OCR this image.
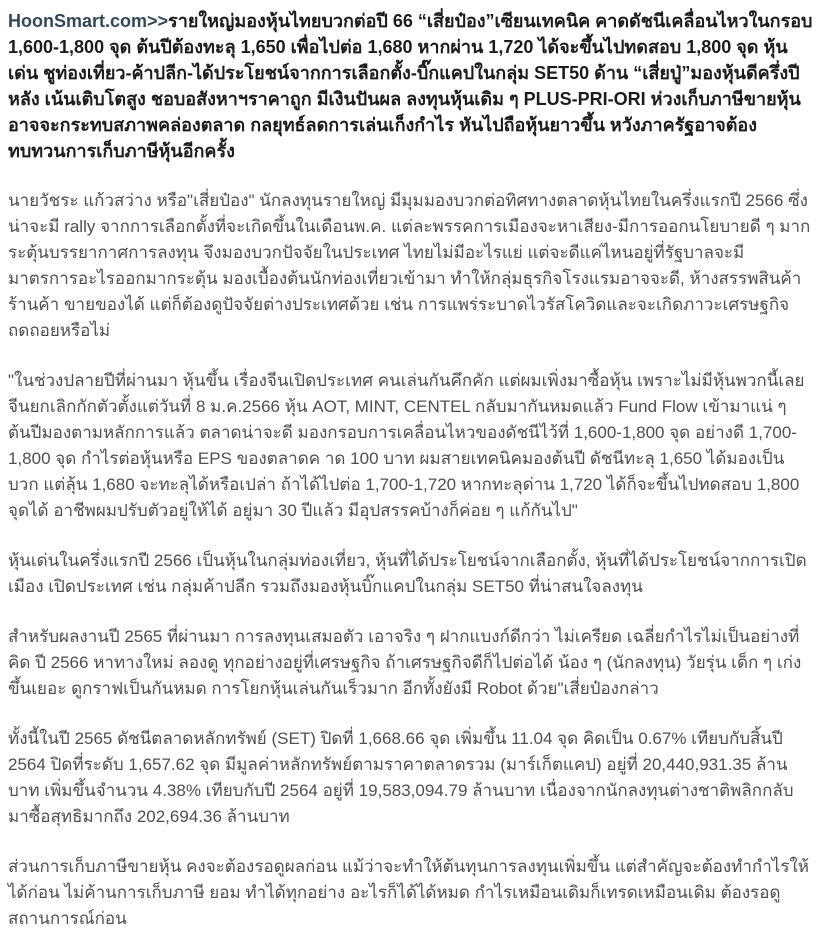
HoonSmart.com>>รายใหญ่มองหุ้นไทยบวกต่อปี 66 “เสี่ยป๋อง”เซียนเทคนิค คาดดัชนีเคลื่อนไหวในกรอบ 1,600-1,800 จุด ต้นปีต้องทะลุ 1,650 เพื่อไปต่อ 1,680 หากผ่าน 1,720 ได้จะขึ้นไปทดสอบ 1,800 จุด หุ้นเด่น ชูท่องเที่ยว-ค้าปลีก-ได้ประโยชน์จากการเลือกตั้ง-บิ๊กแคปในกลุ่ม SET50 ด้าน “เสี่ยปู่”มองหุ้นดีครึ่งปีหลัง เน้นเติบโตสูง ชอบอสังหาฯราคาถูก มีเงินปันผล ลงทุนหุ้นเดิม ๆ PLUS-PRI-ORI ห่วงเก็บภาษีขายหุ้น อาจจะกระทบสภาพคล่องตลาด กลยุทธ์ลดการเล่นเก็งกำไร หันไปถือหุ้นยาวขึ้น หวังภาครัฐอาจต้องทบทวนการเก็บภาษีหุ้นอีกครั้ง

นายวัชระ แก้วสว่าง หรือ"เสี่ยป๋อง" นักลงทุนรายใหญ่ มีมุมมองบวกต่อทิศทางตลาดหุ้นไทยในครึ่งแรกปี 2566 ซึ่งน่าจะมี rally จากการเลือกตั้งที่จะเกิดขึ้นในเดือนพ.ค. แต่ละพรรคการเมืองจะหาเสียง-มีการออกนโยบายดี ๆ มากระตุ้นบรรยากาศการลงทุน จึงมองบวกปัจจัยในประเทศ ไทยไม่มีอะไรแย่ แต่จะดีแค่ไหนอยู่ที่รัฐบาลจะมีมาตรการอะไรออกมากระตุ้น มองเบื้องต้นนักท่องเที่ยวเข้ามา ทำให้กลุ่มธุรกิจโรงแรมอาจจะดี, ห้างสรรพสินค้า ร้านค้า ขายของได้ แต่ก็ต้องดูปัจจัยต่างประเทศด้วย เช่น การแพร่ระบาดไวรัสโควิดและจะเกิดภาวะเศรษฐกิจถดถอยหรือไม่

"ในช่วงปลายปีที่ผ่านมา หุ้นขึ้น เรื่องจีนเปิดประเทศ คนเล่นกันคึกคัก แต่ผมเพิ่งมาซื้อหุ้น เพราะไม่มีหุ้นพวกนี้เลย จีนยกเลิกกักตัวตั้งแต่วันที่ 8 ม.ค.2566 หุ้น AOT, MINT, CENTEL กลับมากันหมดแล้ว Fund Flow เข้ามาแน่ ๆ ต้นปีมองตามหลักการแล้ว ตลาดน่าจะดี มองกรอบการเคลื่อนไหวของดัชนีไว้ที่ 1,600-1,800 จุด อย่างดี 1,700-1,800 จุด กำไรต่อหุ้นหรือ EPS ของตลาดค าด 100 บาท ผมสายเทคนิคมองต้นปี ดัชนีทะลุ 1,650 ได้มองเป็นบวก แต่ลุ้น 1,680 จะทะลุได้หรือเปล่า ถ้าได้ไปต่อ 1,700-1,720 หากทะลุด่าน 1,720 ได้ก็จะขึ้นไปทดสอบ 1,800 จุดได้ อาชีพผมปรับตัวอยู่ให้ได้ อยู่มา 30 ปีแล้ว มีอุปสรรคบ้างก็ค่อย ๆ แก้กันไป"

หุ้นเด่นในครึ่งแรกปี 2566 เป็นหุ้นในกลุ่มท่องเที่ยว, หุ้นที่ได้ประโยชน์จากเลือกตั้ง, หุ้นที่ได้ประโยชน์จากการเปิดเมือง เปิดประเทศ เช่น กลุ่มค้าปลีก รวมถึงมองหุ้นบิ๊กแคปในกลุ่ม SET50 ที่น่าสนใจลงทุน

สำหรับผลงานปี 2565 ที่ผ่านมา การลงทุนเสมอตัว เอาจริง ๆ ฝากแบงก์ดีกว่า ไม่เครียด เฉลี่ยกำไรไม่เป็นอย่างที่คิด ปี 2566 หาทางใหม่ ลองดู ทุกอย่างอยู่ที่เศรษฐกิจ ถ้าเศรษฐกิจดีก็ไปต่อได้ น้อง ๆ (นักลงทุน) วัยรุ่น เด็ก ๆ เก่งขึ้นเยอะ ดูกราฟเป็นกันหมด การโยกหุ้นเล่นกันเร็วมาก อีกทั้งยังมี Robot ด้วย"เสี่ยป๋องกล่าว

ทั้งนี้ในปี 2565 ดัชนีตลาดหลักทรัพย์ (SET) ปิดที่ 1,668.66 จุด เพิ่มขึ้น 11.04 จุด คิดเป็น 0.67% เทียบกับสิ้นปี 2564 ปิดที่ระดับ 1,657.62 จุด มีมูลค่าหลักทรัพย์ตามราคาตลาดรวม (มาร์เก็ตแคป) อยู่ที่ 20,440,931.35 ล้านบาท เพิ่มขึ้นจำนวน 4.38% เทียบกับปี 2564 อยู่ที่ 19,583,094.79 ล้านบาท เนื่องจากนักลงทุนต่างชาติพลิกกลับมาซื้อสุทธิมากถึง 202,694.36 ล้านบาท

ส่วนการเก็บภาษีขายหุ้น คงจะต้องรอดูผลก่อน แม้ว่าจะทำให้ต้นทุนการลงทุนเพิ่มขึ้น แต่สำคัญจะต้องทำกำไรให้ได้ก่อน ไม่ค้านการเก็บภาษี ยอม ทำได้ทุกอย่าง อะไรก็ได้ได้หมด กำไรเหมือนเดิมก็เทรดเหมือนเดิม ต้องรอดูสถานการณ์ก่อน
